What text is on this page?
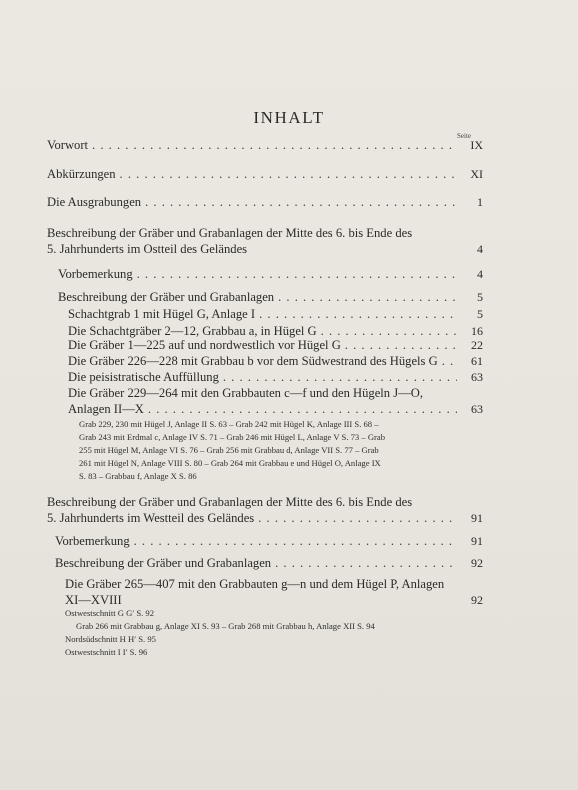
INHALT
Seite
Vorwort . . .	IX
Abkürzungen . . .	XI
Die Ausgrabungen . . .	1
Beschreibung der Gräber und Grabanlagen der Mitte des 6. bis Ende des
5. Jahrhunderts im Ostteil des Geländes	4
Vorbemerkung . . .	4
Beschreibung der Gräber und Grabanlagen . . .	5
Schachtgrab 1 mit Hügel G, Anlage I . . .	5
Die Schachtgräber 2—12, Grabbau a, in Hügel G . . .	16
Die Gräber 1—225 auf und nordwestlich vor Hügel G . . .	22
Die Gräber 226—228 mit Grabbau b vor dem Südwestrand des Hügels G . . .	61
Die peisistratische Auffüllung . . .	63
Die Gräber 229—264 mit den Grabbauten c—f und den Hügeln J—O,
Anlagen II—X . . .	63
Grab 229, 230 mit Hügel J, Anlage II S. 63 – Grab 242 mit Hügel K, Anlage III S. 68 –
Grab 243 mit Erdmal c, Anlage IV S. 71 – Grab 246 mit Hügel L, Anlage V S. 73 – Grab
255 mit Hügel M, Anlage VI S. 76 – Grab 256 mit Grabbau d, Anlage VII S. 77 – Grab
261 mit Hügel N, Anlage VIII S. 80 – Grab 264 mit Grabbau e und Hügel O, Anlage IX
S. 83 – Grabbau f, Anlage X S. 86
Beschreibung der Gräber und Grabanlagen der Mitte des 6. bis Ende des
5. Jahrhunderts im Westteil des Geländes . . .	91
Vorbemerkung . . .	91
Beschreibung der Gräber und Grabanlagen . . .	92
Die Gräber 265—407 mit den Grabbauten g—n und dem Hügel P, Anlagen
XI—XVIII	92
Ostwestschnitt G G′ S. 92
Grab 266 mit Grabbau g, Anlage XI S. 93 – Grab 268 mit Grabbau h, Anlage XII S. 94
Nordsüdschnitt H H′ S. 95
Ostwestschnitt I I′ S. 96
